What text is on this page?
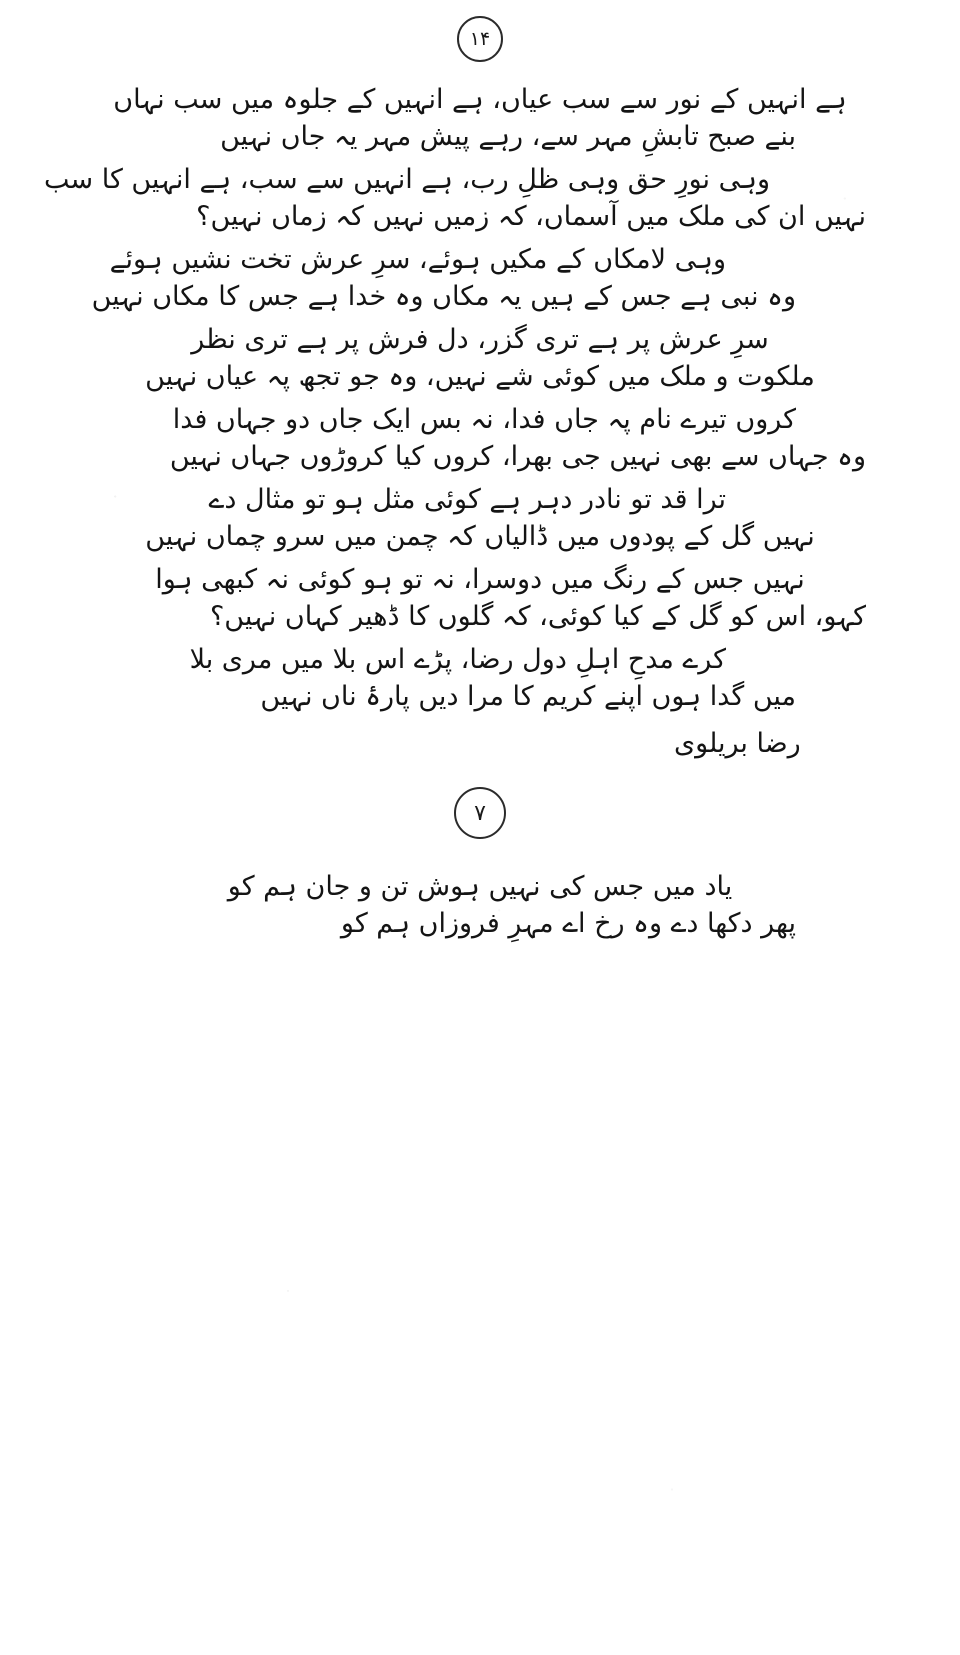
۱۴
ہے انہیں کے نور سے سب عیاں، ہے انہیں کے جلوہ میں سب نہاں
بنے صبح تابشِ مہر سے، رہے پیش مہر یہ جاں نہیں
وہی نورِ حق وہی ظلِ رب، ہے انہیں سے سب، ہے انہیں کا سب
نہیں ان کی ملک میں آسماں، کہ زمیں نہیں کہ زماں نہیں؟
وہی لامکاں کے مکیں ہوئے، سرِ عرش تخت نشیں ہوئے
وہ نبی ہے جس کے ہیں یہ مکاں وہ خدا ہے جس کا مکاں نہیں
سرِ عرش پر ہے تری گزر، دل فرش پر ہے تری نظر
ملکوت و ملک میں کوئی شے نہیں، وہ جو تجھ پہ عیاں نہیں
کروں تیرے نام پہ جاں فدا، نہ بس ایک جاں دو جہاں فدا
وہ جہاں سے بھی نہیں جی بھرا، کروں کیا کروڑوں جہاں نہیں
ترا قد تو نادر دہر ہے کوئی مثل ہو تو مثال دے
نہیں گل کے پودوں میں ڈالیاں کہ چمن میں سرو چماں نہیں
نہیں جس کے رنگ میں دوسرا، نہ تو ہو کوئی نہ کبھی ہوا
کہو، اس کو گل کے کیا کوئی، کہ گلوں کا ڈھیر کہاں نہیں؟
کرے مدحِ اہلِ دول رضا، پڑے اس بلا میں مری بلا
میں گدا ہوں اپنے کریم کا مرا دیں پارۂ ناں نہیں
رضا بریلوی
۷
یاد میں جس کی نہیں ہوش تن و جان ہم کو
پھر دکھا دے وہ رخ اے مہرِ فروزاں ہم کو
